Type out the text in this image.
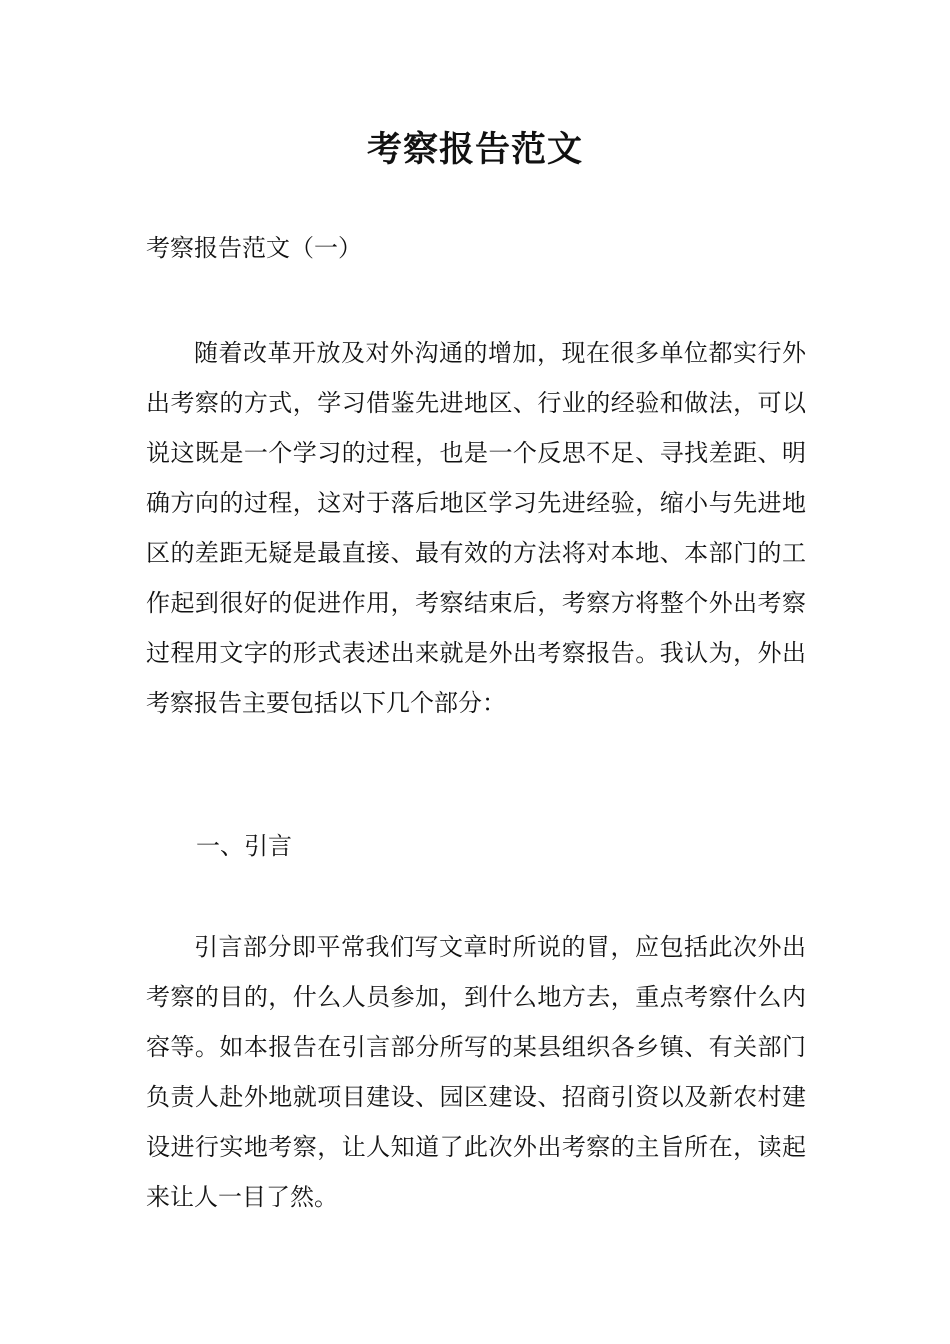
考察报告范文

考察报告范文（一）

随着改革开放及对外沟通的增加，现在很多单位都实行外出考察的方式，学习借鉴先进地区、行业的经验和做法，可以说这既是一个学习的过程，也是一个反思不足、寻找差距、明确方向的过程，这对于落后地区学习先进经验，缩小与先进地区的差距无疑是最直接、最有效的方法将对本地、本部门的工作起到很好的促进作用，考察结束后，考察方将整个外出考察过程用文字的形式表述出来就是外出考察报告。我认为，外出考察报告主要包括以下几个部分：

一、引言

引言部分即平常我们写文章时所说的冒，应包括此次外出考察的目的，什么人员参加，到什么地方去，重点考察什么内容等。如本报告在引言部分所写的某县组织各乡镇、有关部门负责人赴外地就项目建设、园区建设、招商引资以及新农村建设进行实地考察，让人知道了此次外出考察的主旨所在，读起来让人一目了然。
